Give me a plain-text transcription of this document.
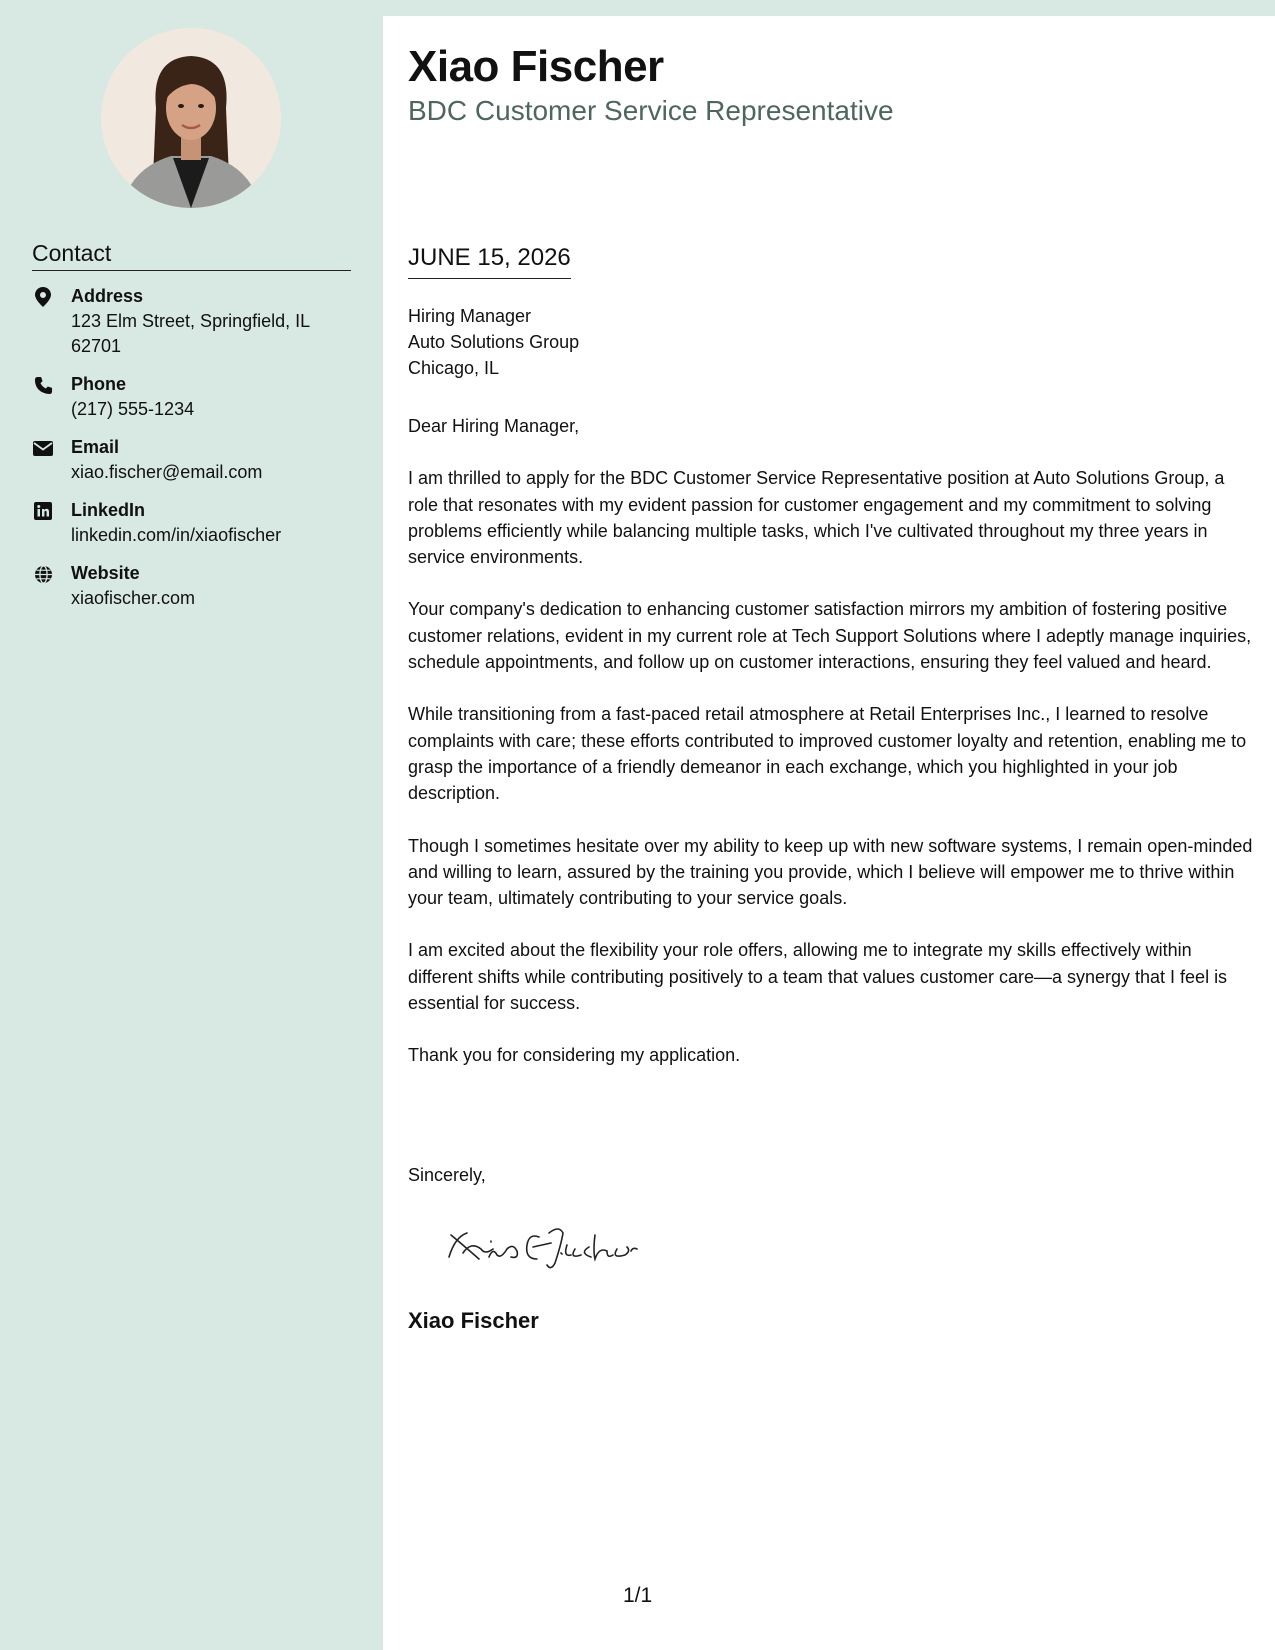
Contact
Address
123 Elm Street, Springfield, IL 62701
Phone
(217) 555-1234
Email
xiao.fischer@email.com
LinkedIn
linkedin.com/in/xiaofischer
Website
xiaofischer.com
Xiao Fischer
BDC Customer Service Representative
JUNE 15, 2026
Hiring Manager
Auto Solutions Group
Chicago, IL
Dear Hiring Manager,

I am thrilled to apply for the BDC Customer Service Representative position at Auto Solutions Group, a role that resonates with my evident passion for customer engagement and my commitment to solving problems efficiently while balancing multiple tasks, which I've cultivated throughout my three years in service environments.

Your company's dedication to enhancing customer satisfaction mirrors my ambition of fostering positive customer relations, evident in my current role at Tech Support Solutions where I adeptly manage inquiries, schedule appointments, and follow up on customer interactions, ensuring they feel valued and heard.

While transitioning from a fast-paced retail atmosphere at Retail Enterprises Inc., I learned to resolve complaints with care; these efforts contributed to improved customer loyalty and retention, enabling me to grasp the importance of a friendly demeanor in each exchange, which you highlighted in your job description.

Though I sometimes hesitate over my ability to keep up with new software systems, I remain open-minded and willing to learn, assured by the training you provide, which I believe will empower me to thrive within your team, ultimately contributing to your service goals.

I am excited about the flexibility your role offers, allowing me to integrate my skills effectively within different shifts while contributing positively to a team that values customer care—a synergy that I feel is essential for success.

Thank you for considering my application.

Sincerely,
Xiao Fischer
1/1
